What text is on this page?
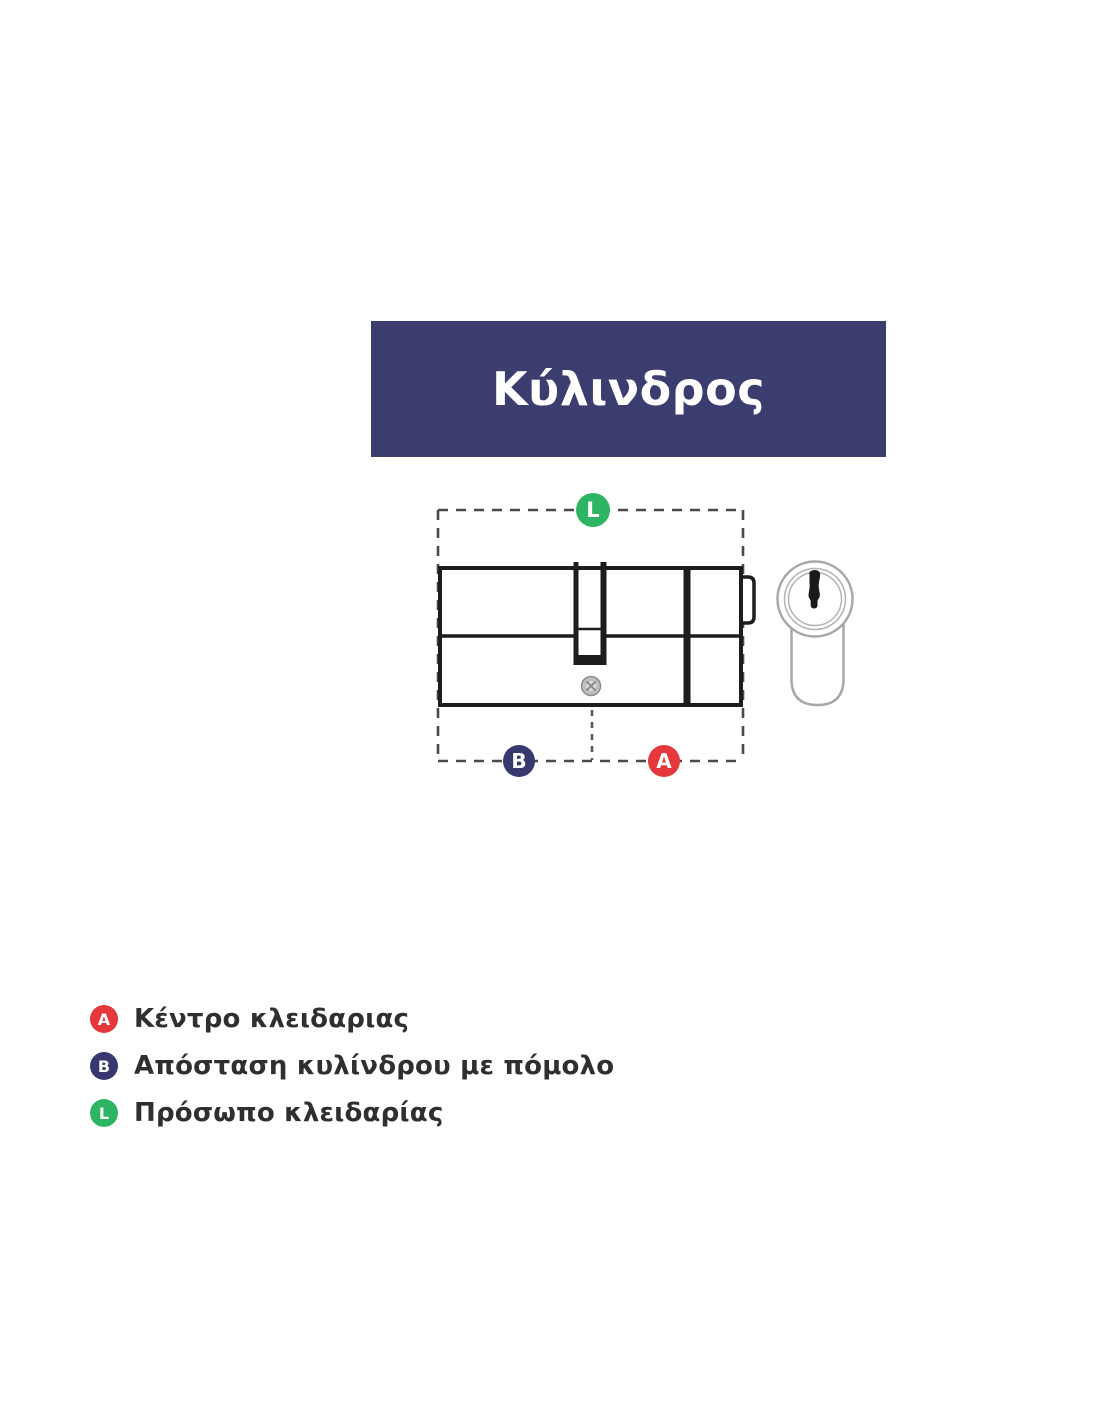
Κύλινδρος
L
B	A
A Κέντρο κλειδαριας
B Απόσταση κυλίνδρου με πόμολο
L Πρόσωπο κλειδαρίας
